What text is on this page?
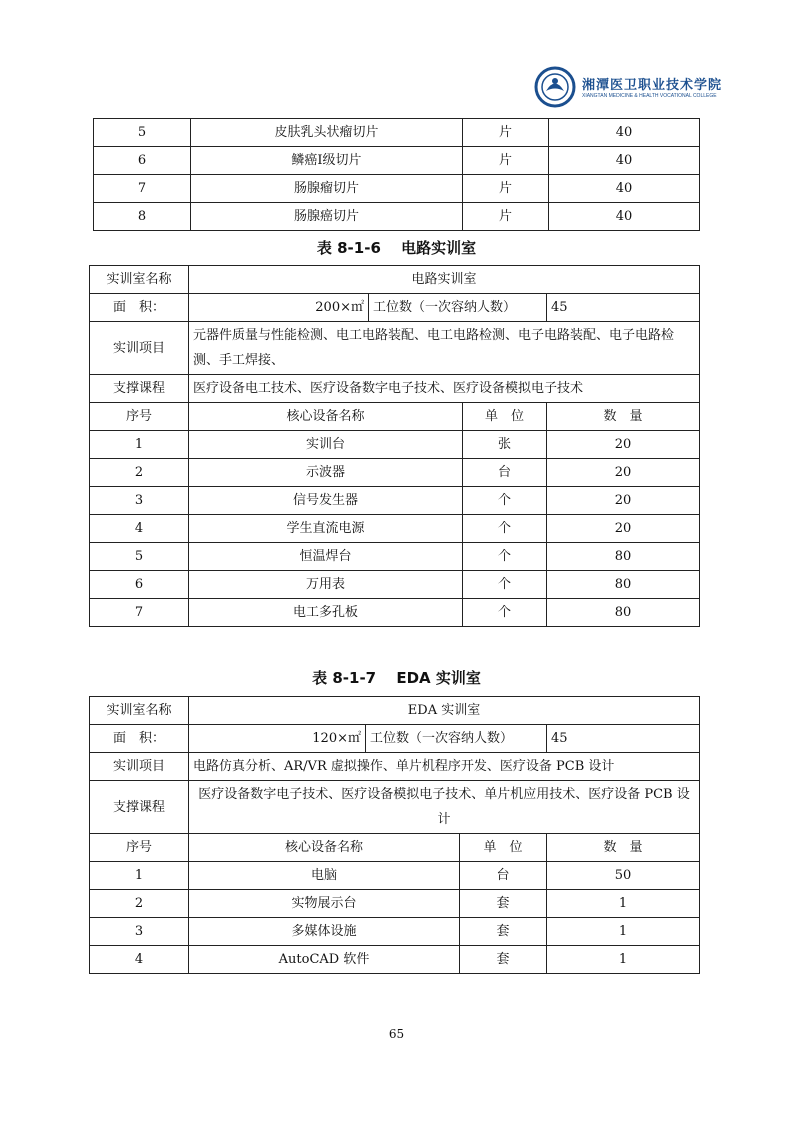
湘潭医卫职业技术学院
XIANGTAN MEDICINE & HEALTH VOCATIONAL COLLEGE
5	皮肤乳头状瘤切片	片	40
6	鳞癌Ⅰ级切片	片	40
7	肠腺瘤切片	片	40
8	肠腺癌切片	片	40
表 8-1-6　 电路实训室
实训室名称	电路实训室			
面　积：	200×㎡	工位数（一次容纳人数）		45
实训项目	元器件质量与性能检测、电工电路装配、电工电路检测、电子电路装配、电子电路检测、手工焊接、			
支撑课程	医疗设备电工技术、医疗设备数字电子技术、医疗设备模拟电子技术			
序号	核心设备名称		单　位	数　量
1	实训台		张	20
2	示波器		台	20
3	信号发生器		个	20
4	学生直流电源		个	20
5	恒温焊台		个	80
6	万用表		个	80
7	电工多孔板		个	80
表 8-1-7　 EDA 实训室
实训室名称	EDA 实训室			
面　积：	120×㎡	工位数（一次容纳人数）		45
实训项目	电路仿真分析、AR/VR 虚拟操作、单片机程序开发、医疗设备 PCB 设计			
支撑课程	医疗设备数字电子技术、医疗设备模拟电子技术、单片机应用技术、医疗设备 PCB 设计			
序号	核心设备名称		单　位	数　量
1	电脑		台	50
2	实物展示台		套	1
3	多媒体设施		套	1
4	AutoCAD 软件		套	1
65
